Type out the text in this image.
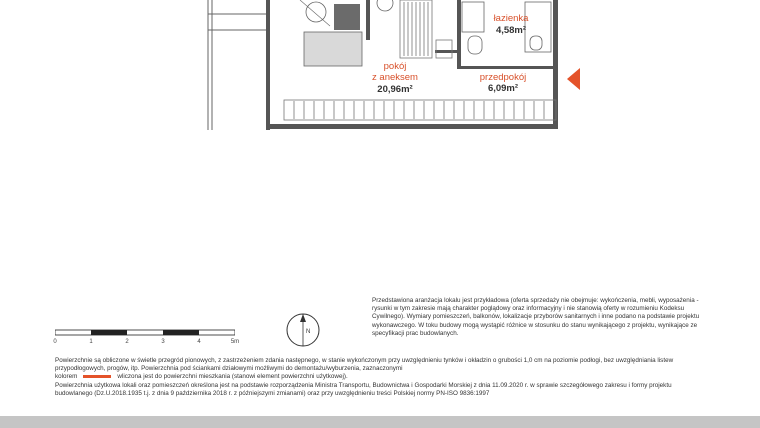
łazienka
4,58m²
pokój
z aneksem
20,96m²
przedpokój
6,09m²
Przedstawiona aranżacja lokalu jest przykładowa (oferta sprzedaży nie obejmuje: wykończenia, mebli, wyposażenia - rysunki w tym zakresie mają charakter poglądowy oraz informacyjny i nie stanowią oferty w rozumieniu Kodeksu Cywilnego). Wymiary pomieszczeń, balkonów, lokalizacje przyborów sanitarnych i inne podano na podstawie projektu wykonawczego. W toku budowy mogą wystąpić różnice w stosunku do stanu wynikającego z projektu, wynikające ze specyfikacji prac budowlanych.
0	1	2	3	4	5m
N

Powierzchnie są obliczone w świetle przegród pionowych, z zastrzeżeniem zdania następnego, w stanie wykończonym przy uwzględnieniu tynków i okładzin o grubości 1,0 cm na poziomie podłogi, bez uwzględniania listew przypodłogowych, progów, itp. Powierzchnia pod ściankami działowymi możliwymi do demontażu/wyburzenia, zaznaczonymi

kolorem	wliczona jest do powierzchni mieszkania (stanowi element powierzchni użytkowej).

Powierzchnia użytkowa lokali oraz pomieszczeń określona jest na podstawie rozporządzenia Ministra Transportu, Budownictwa i Gospodarki Morskiej z dnia 11.09.2020 r. w sprawie szczegółowego zakresu i formy projektu budowlanego (Dz.U.2018.1935 t.j. z dnia 9 października 2018 r. z późniejszymi zmianami) oraz przy uwzględnieniu treści Polskiej normy PN-ISO 9836:1997
